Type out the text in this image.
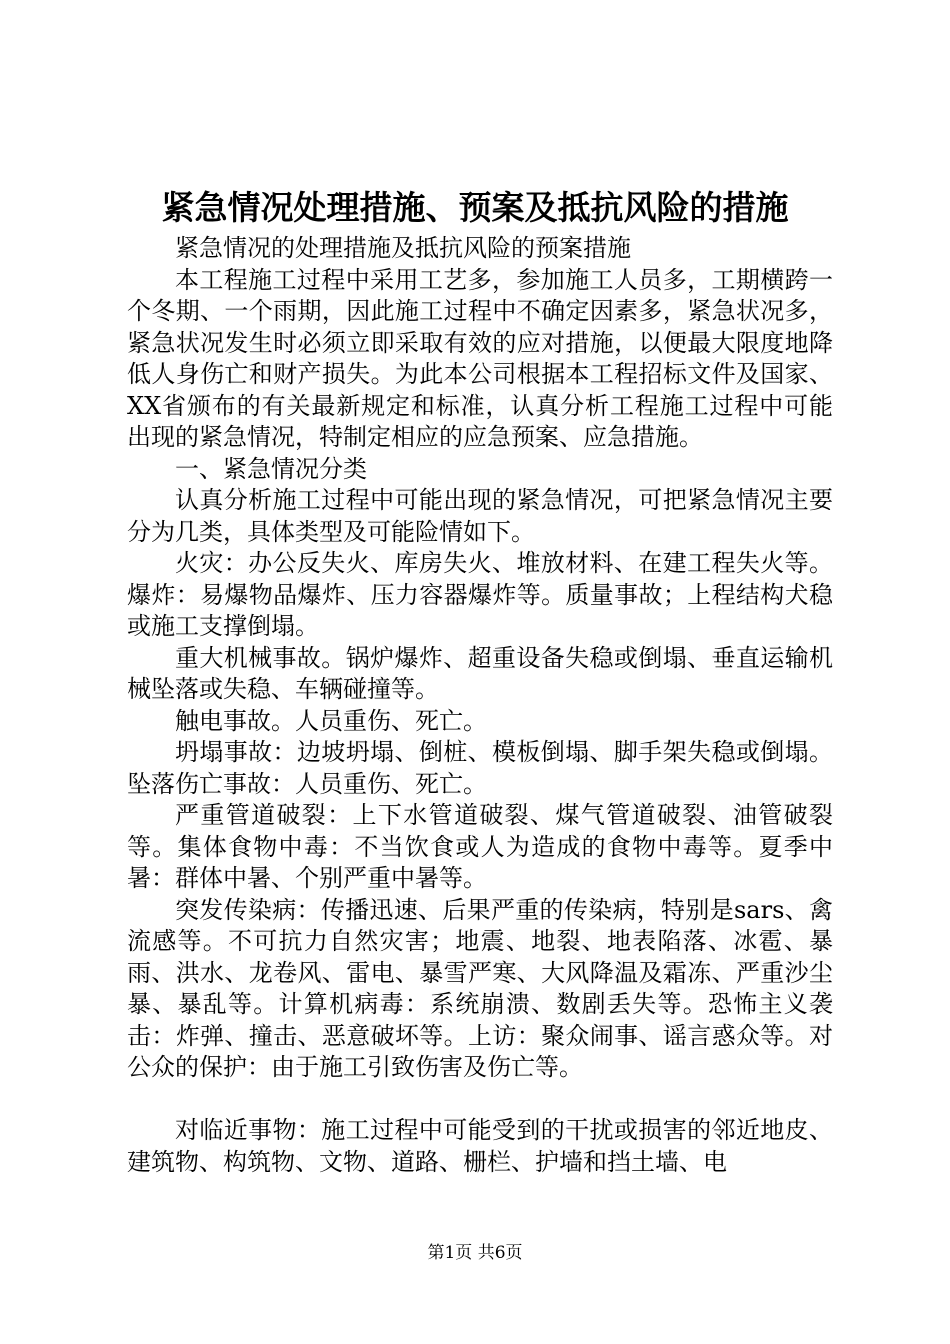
紧急情况处理措施、预案及抵抗风险的措施

紧急情况的处理措施及抵抗风险的预案措施

本工程施工过程中采用工艺多，参加施工人员多，工期横跨一个冬期、一个雨期，因此施工过程中不确定因素多，紧急状况多，紧急状况发生时必须立即采取有效的应对措施，以便最大限度地降低人身伤亡和财产损失。为此本公司根据本工程招标文件及国家、XX省颁布的有关最新规定和标准，认真分析工程施工过程中可能出现的紧急情况，特制定相应的应急预案、应急措施。

一、紧急情况分类

认真分析施工过程中可能出现的紧急情况，可把紧急情况主要分为几类，具体类型及可能险情如下。

火灾：办公反失火、库房失火、堆放材料、在建工程失火等。爆炸：易爆物品爆炸、压力容器爆炸等。质量事故；上程结构犬稳或施工支撑倒塌。

重大机械事故。锅炉爆炸、超重设备失稳或倒塌、垂直运输机械坠落或失稳、车辆碰撞等。

触电事故。人员重伤、死亡。

坍塌事故：边坡坍塌、倒桩、模板倒塌、脚手架失稳或倒塌。坠落伤亡事故：人员重伤、死亡。

严重管道破裂：上下水管道破裂、煤气管道破裂、油管破裂等。集体食物中毒：不当饮食或人为造成的食物中毒等。夏季中暑：群体中暑、个别严重中暑等。

突发传染病：传播迅速、后果严重的传染病，特别是sars、禽流感等。不可抗力自然灾害；地震、地裂、地表陷落、冰雹、暴雨、洪水、龙卷风、雷电、暴雪严寒、大风降温及霜冻、严重沙尘暴、暴乱等。计算机病毒：系统崩溃、数剧丢失等。恐怖主义袭击：炸弹、撞击、恶意破坏等。上访：聚众闹事、谣言惑众等。对公众的保护：由于施工引致伤害及伤亡等。

对临近事物：施工过程中可能受到的干扰或损害的邻近地皮、建筑物、构筑物、文物、道路、栅栏、护墙和挡土墙、电

第1页 共6页
